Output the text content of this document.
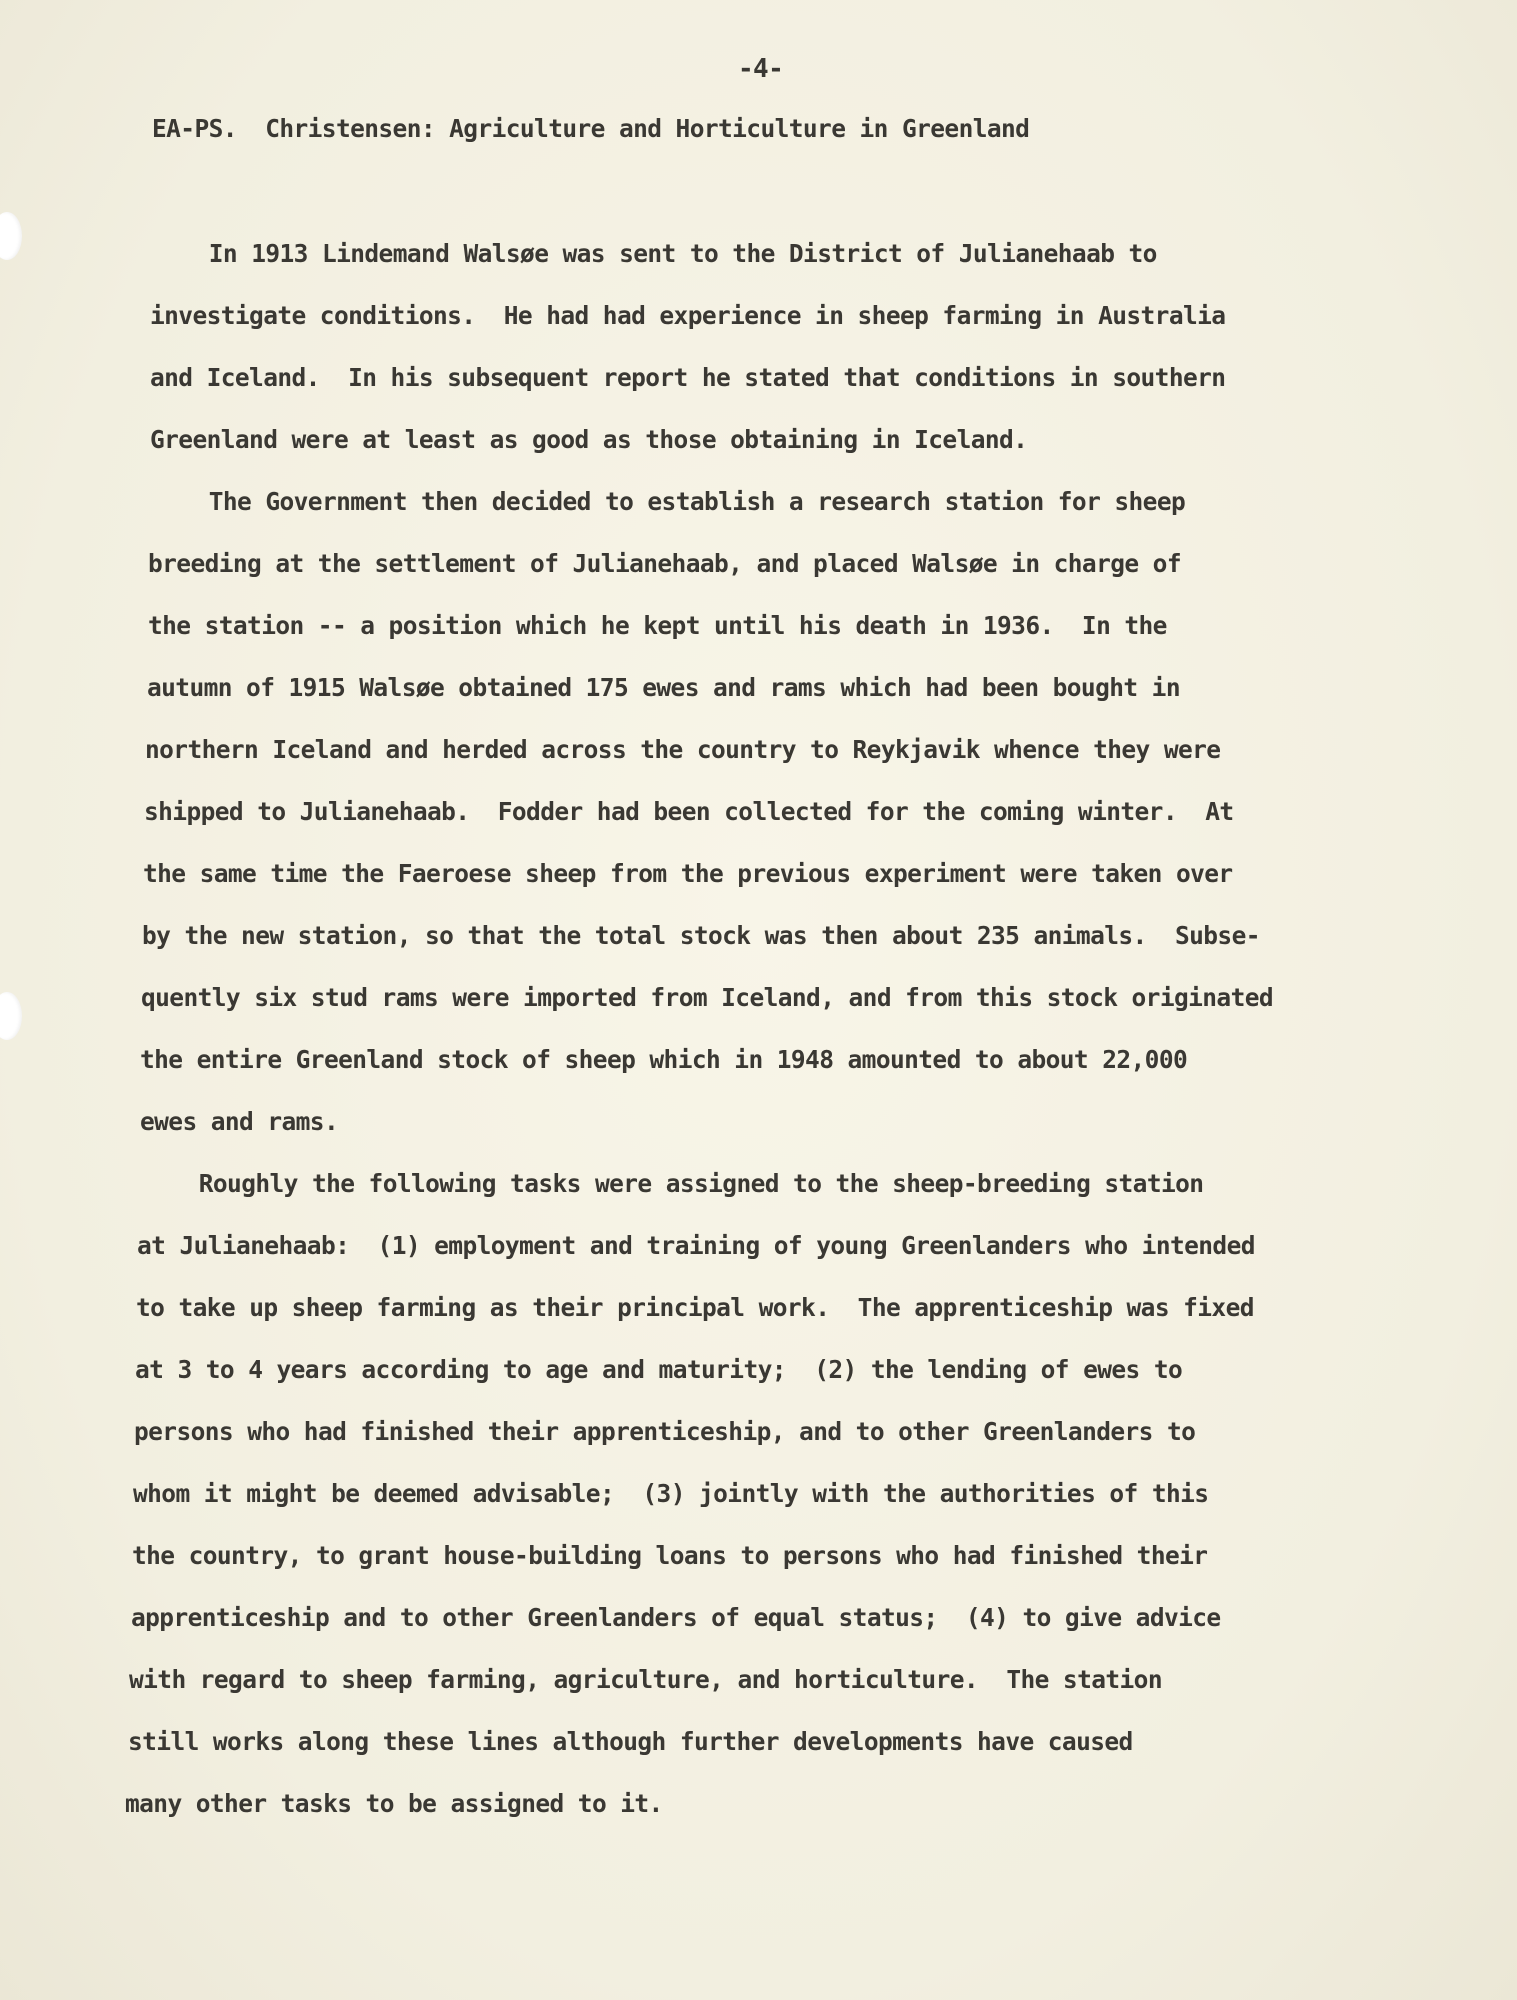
-4-
EA-PS.  Christensen: Agriculture and Horticulture in Greenland
In 1913 Lindemand Walsøe was sent to the District of Julianehaab to
investigate conditions.  He had had experience in sheep farming in Australia
and Iceland.  In his subsequent report he stated that conditions in southern
Greenland were at least as good as those obtaining in Iceland.
The Government then decided to establish a research station for sheep
breeding at the settlement of Julianehaab, and placed Walsøe in charge of
the station -- a position which he kept until his death in 1936.  In the
autumn of 1915 Walsøe obtained 175 ewes and rams which had been bought in
northern Iceland and herded across the country to Reykjavik whence they were
shipped to Julianehaab.  Fodder had been collected for the coming winter.  At
the same time the Faeroese sheep from the previous experiment were taken over
by the new station, so that the total stock was then about 235 animals.  Subse-
quently six stud rams were imported from Iceland, and from this stock originated
the entire Greenland stock of sheep which in 1948 amounted to about 22,000
ewes and rams.
Roughly the following tasks were assigned to the sheep-breeding station
at Julianehaab:  (1) employment and training of young Greenlanders who intended
to take up sheep farming as their principal work.  The apprenticeship was fixed
at 3 to 4 years according to age and maturity;  (2) the lending of ewes to
persons who had finished their apprenticeship, and to other Greenlanders to
whom it might be deemed advisable;  (3) jointly with the authorities of this
the country, to grant house-building loans to persons who had finished their
apprenticeship and to other Greenlanders of equal status;  (4) to give advice
with regard to sheep farming, agriculture, and horticulture.  The station
still works along these lines although further developments have caused
many other tasks to be assigned to it.
